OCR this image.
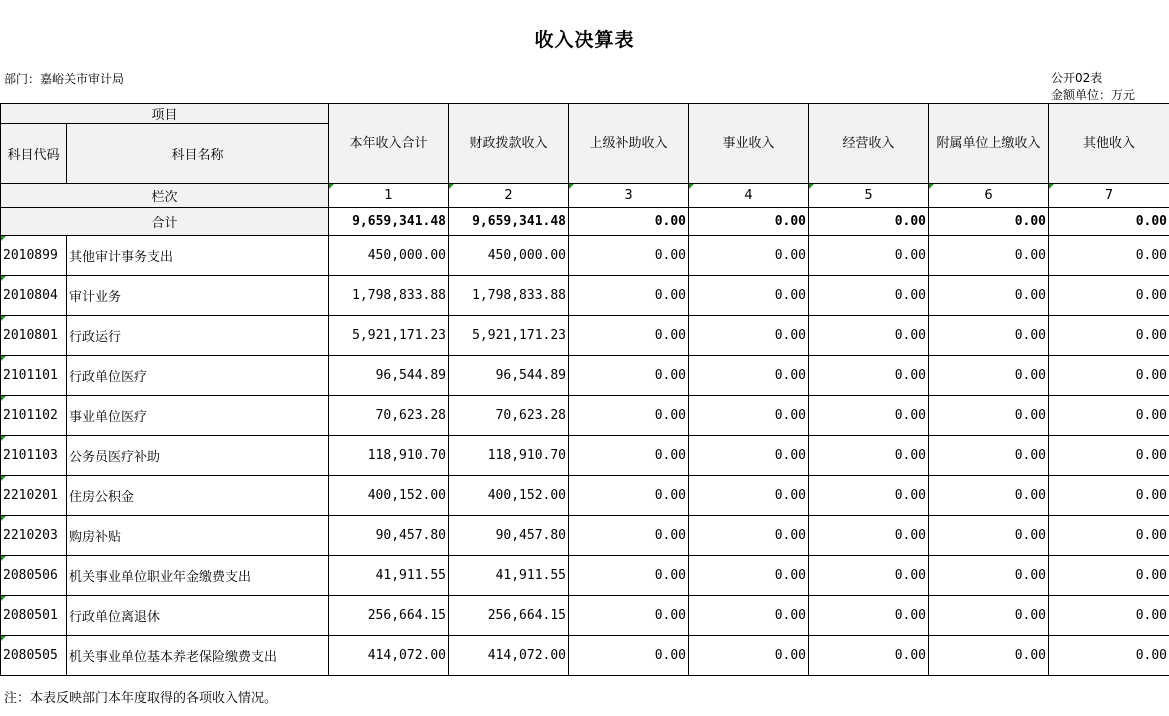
收入决算表
部门：嘉峪关市审计局	公开02表
金额单位：万元
项目		本年收入合计	财政拨款收入	上级补助收入	事业收入	经营收入	附属单位上缴收入	其他收入
科目代码	科目名称							
栏次		1	2	3	4	5	6	7
合计		9,659,341.48	9,659,341.48	0.00	0.00	0.00	0.00	0.00
2010899	其他审计事务支出	450,000.00	450,000.00	0.00	0.00	0.00	0.00	0.00
2010804	审计业务	1,798,833.88	1,798,833.88	0.00	0.00	0.00	0.00	0.00
2010801	行政运行	5,921,171.23	5,921,171.23	0.00	0.00	0.00	0.00	0.00
2101101	行政单位医疗	96,544.89	96,544.89	0.00	0.00	0.00	0.00	0.00
2101102	事业单位医疗	70,623.28	70,623.28	0.00	0.00	0.00	0.00	0.00
2101103	公务员医疗补助	118,910.70	118,910.70	0.00	0.00	0.00	0.00	0.00
2210201	住房公积金	400,152.00	400,152.00	0.00	0.00	0.00	0.00	0.00
2210203	购房补贴	90,457.80	90,457.80	0.00	0.00	0.00	0.00	0.00
2080506	机关事业单位职业年金缴费支出	41,911.55	41,911.55	0.00	0.00	0.00	0.00	0.00
2080501	行政单位离退休	256,664.15	256,664.15	0.00	0.00	0.00	0.00	0.00
2080505	机关事业单位基本养老保险缴费支出	414,072.00	414,072.00	0.00	0.00	0.00	0.00	0.00
注：本表反映部门本年度取得的各项收入情况。
